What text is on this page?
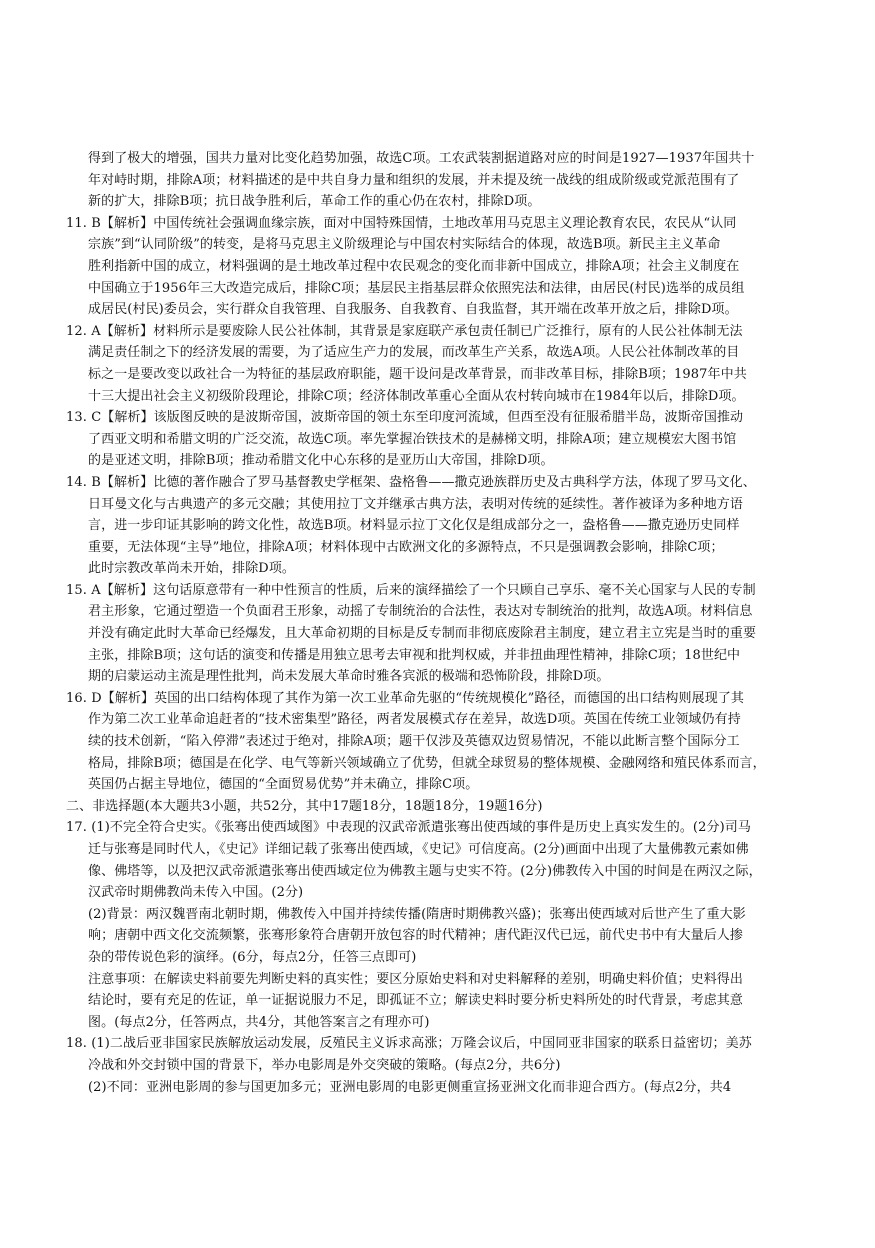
得到了极大的增强，国共力量对比变化趋势加强，故选C项。工农武装割据道路对应的时间是1927—1937年国共十
年对峙时期，排除A项；材料描述的是中共自身力量和组织的发展，并未提及统一战线的组成阶级或党派范围有了
新的扩大，排除B项；抗日战争胜利后，革命工作的重心仍在农村，排除D项。
11. B【解析】中国传统社会强调血缘宗族，面对中国特殊国情，土地改革用马克思主义理论教育农民，农民从“认同
宗族”到“认同阶级”的转变，是将马克思主义阶级理论与中国农村实际结合的体现，故选B项。新民主主义革命
胜利指新中国的成立，材料强调的是土地改革过程中农民观念的变化而非新中国成立，排除A项；社会主义制度在
中国确立于1956年三大改造完成后，排除C项；基层民主指基层群众依照宪法和法律，由居民(村民)选举的成员组
成居民(村民)委员会，实行群众自我管理、自我服务、自我教育、自我监督，其开端在改革开放之后，排除D项。
12. A【解析】材料所示是要废除人民公社体制，其背景是家庭联产承包责任制已广泛推行，原有的人民公社体制无法
满足责任制之下的经济发展的需要，为了适应生产力的发展，而改革生产关系，故选A项。人民公社体制改革的目
标之一是要改变以政社合一为特征的基层政府职能，题干设问是改革背景，而非改革目标，排除B项；1987年中共
十三大提出社会主义初级阶段理论，排除C项；经济体制改革重心全面从农村转向城市在1984年以后，排除D项。
13. C【解析】该版图反映的是波斯帝国，波斯帝国的领土东至印度河流域，但西至没有征服希腊半岛，波斯帝国推动
了西亚文明和希腊文明的广泛交流，故选C项。率先掌握冶铁技术的是赫梯文明，排除A项；建立规模宏大图书馆
的是亚述文明，排除B项；推动希腊文化中心东移的是亚历山大帝国，排除D项。
14. B【解析】比德的著作融合了罗马基督教史学框架、盎格鲁——撒克逊族群历史及古典科学方法，体现了罗马文化、
日耳曼文化与古典遗产的多元交融；其使用拉丁文并继承古典方法，表明对传统的延续性。著作被译为多种地方语
言，进一步印证其影响的跨文化性，故选B项。材料显示拉丁文化仅是组成部分之一，盎格鲁——撒克逊历史同样
重要，无法体现“主导”地位，排除A项；材料体现中古欧洲文化的多源特点，不只是强调教会影响，排除C项；
此时宗教改革尚未开始，排除D项。
15. A【解析】这句话原意带有一种中性预言的性质，后来的演绎描绘了一个只顾自己享乐、毫不关心国家与人民的专制
君主形象，它通过塑造一个负面君王形象，动摇了专制统治的合法性，表达对专制统治的批判，故选A项。材料信息
并没有确定此时大革命已经爆发，且大革命初期的目标是反专制而非彻底废除君主制度，建立君主立宪是当时的重要
主张，排除B项；这句话的演变和传播是用独立思考去审视和批判权威，并非扭曲理性精神，排除C项；18世纪中
期的启蒙运动主流是理性批判，尚未发展大革命时雅各宾派的极端和恐怖阶段，排除D项。
16. D【解析】英国的出口结构体现了其作为第一次工业革命先驱的“传统规模化”路径，而德国的出口结构则展现了其
作为第二次工业革命追赶者的“技术密集型”路径，两者发展模式存在差异，故选D项。英国在传统工业领域仍有持
续的技术创新，“陷入停滞”表述过于绝对，排除A项；题干仅涉及英德双边贸易情况，不能以此断言整个国际分工
格局，排除B项；德国是在化学、电气等新兴领域确立了优势，但就全球贸易的整体规模、金融网络和殖民体系而言，
英国仍占据主导地位，德国的“全面贸易优势”并未确立，排除C项。
二、非选择题(本大题共3小题，共52分，其中17题18分，18题18分，19题16分)
17. (1)不完全符合史实。《张骞出使西域图》中表现的汉武帝派遣张骞出使西域的事件是历史上真实发生的。(2分)司马
迁与张骞是同时代人，《史记》详细记载了张骞出使西域，《史记》可信度高。(2分)画面中出现了大量佛教元素如佛
像、佛塔等，以及把汉武帝派遣张骞出使西域定位为佛教主题与史实不符。(2分)佛教传入中国的时间是在两汉之际，
汉武帝时期佛教尚未传入中国。(2分)
(2)背景：两汉魏晋南北朝时期，佛教传入中国并持续传播(隋唐时期佛教兴盛)；张骞出使西域对后世产生了重大影
响；唐朝中西文化交流频繁，张骞形象符合唐朝开放包容的时代精神；唐代距汉代已远，前代史书中有大量后人掺
杂的带传说色彩的演绎。(6分，每点2分，任答三点即可)
注意事项：在解读史料前要先判断史料的真实性；要区分原始史料和对史料解释的差别，明确史料价值；史料得出
结论时，要有充足的佐证，单一证据说服力不足，即孤证不立；解读史料时要分析史料所处的时代背景，考虑其意
图。(每点2分，任答两点，共4分，其他答案言之有理亦可)
18. (1)二战后亚非国家民族解放运动发展，反殖民主义诉求高涨；万隆会议后，中国同亚非国家的联系日益密切；美苏
冷战和外交封锁中国的背景下，举办电影周是外交突破的策略。(每点2分，共6分)
(2)不同：亚洲电影周的参与国更加多元；亚洲电影周的电影更侧重宣扬亚洲文化而非迎合西方。(每点2分，共4
